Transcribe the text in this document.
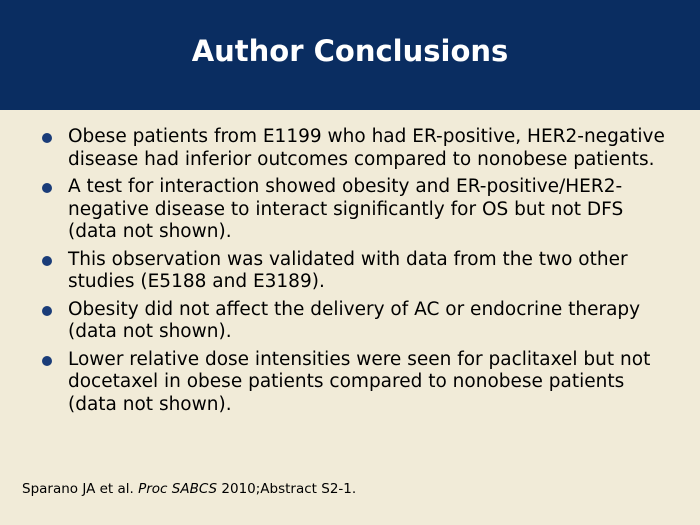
Author Conclusions
Obese patients from E1199 who had ER-positive, HER2-negative disease had inferior outcomes compared to nonobese patients.
A test for interaction showed obesity and ER-positive/HER2-negative disease to interact significantly for OS but not DFS (data not shown).
This observation was validated with data from the two other studies (E5188 and E3189).
Obesity did not affect the delivery of AC or endocrine therapy (data not shown).
Lower relative dose intensities were seen for paclitaxel but not docetaxel in obese patients compared to nonobese patients (data not shown).
Sparano JA et al. Proc SABCS 2010;Abstract S2-1.
